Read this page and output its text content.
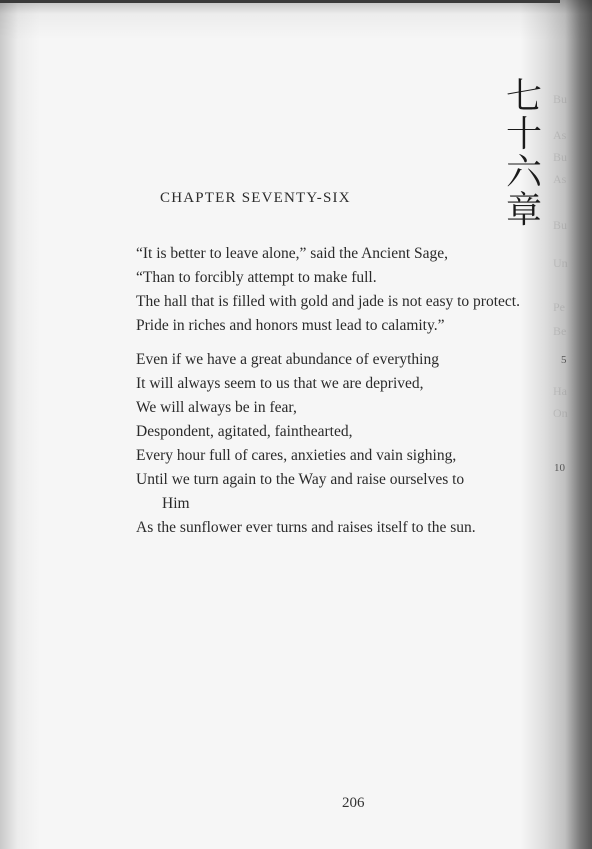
Bu
As
Bu
As
Bu
Un
Pe
Be
Ha
On
七
十
六
章
CHAPTER SEVENTY-SIX
“It is better to leave alone,” said the Ancient Sage,
“Than to forcibly attempt to make full.
The hall that is filled with gold and jade is not easy to protect.
Pride in riches and honors must lead to calamity.”
Even if we have a great abundance of everything
It will always seem to us that we are deprived,
We will always be in fear,
Despondent, agitated, fainthearted,
Every hour full of cares, anxieties and vain sighing,
Until we turn again to the Way and raise ourselves to
Him
As the sunflower ever turns and raises itself to the sun.
5
10
206
